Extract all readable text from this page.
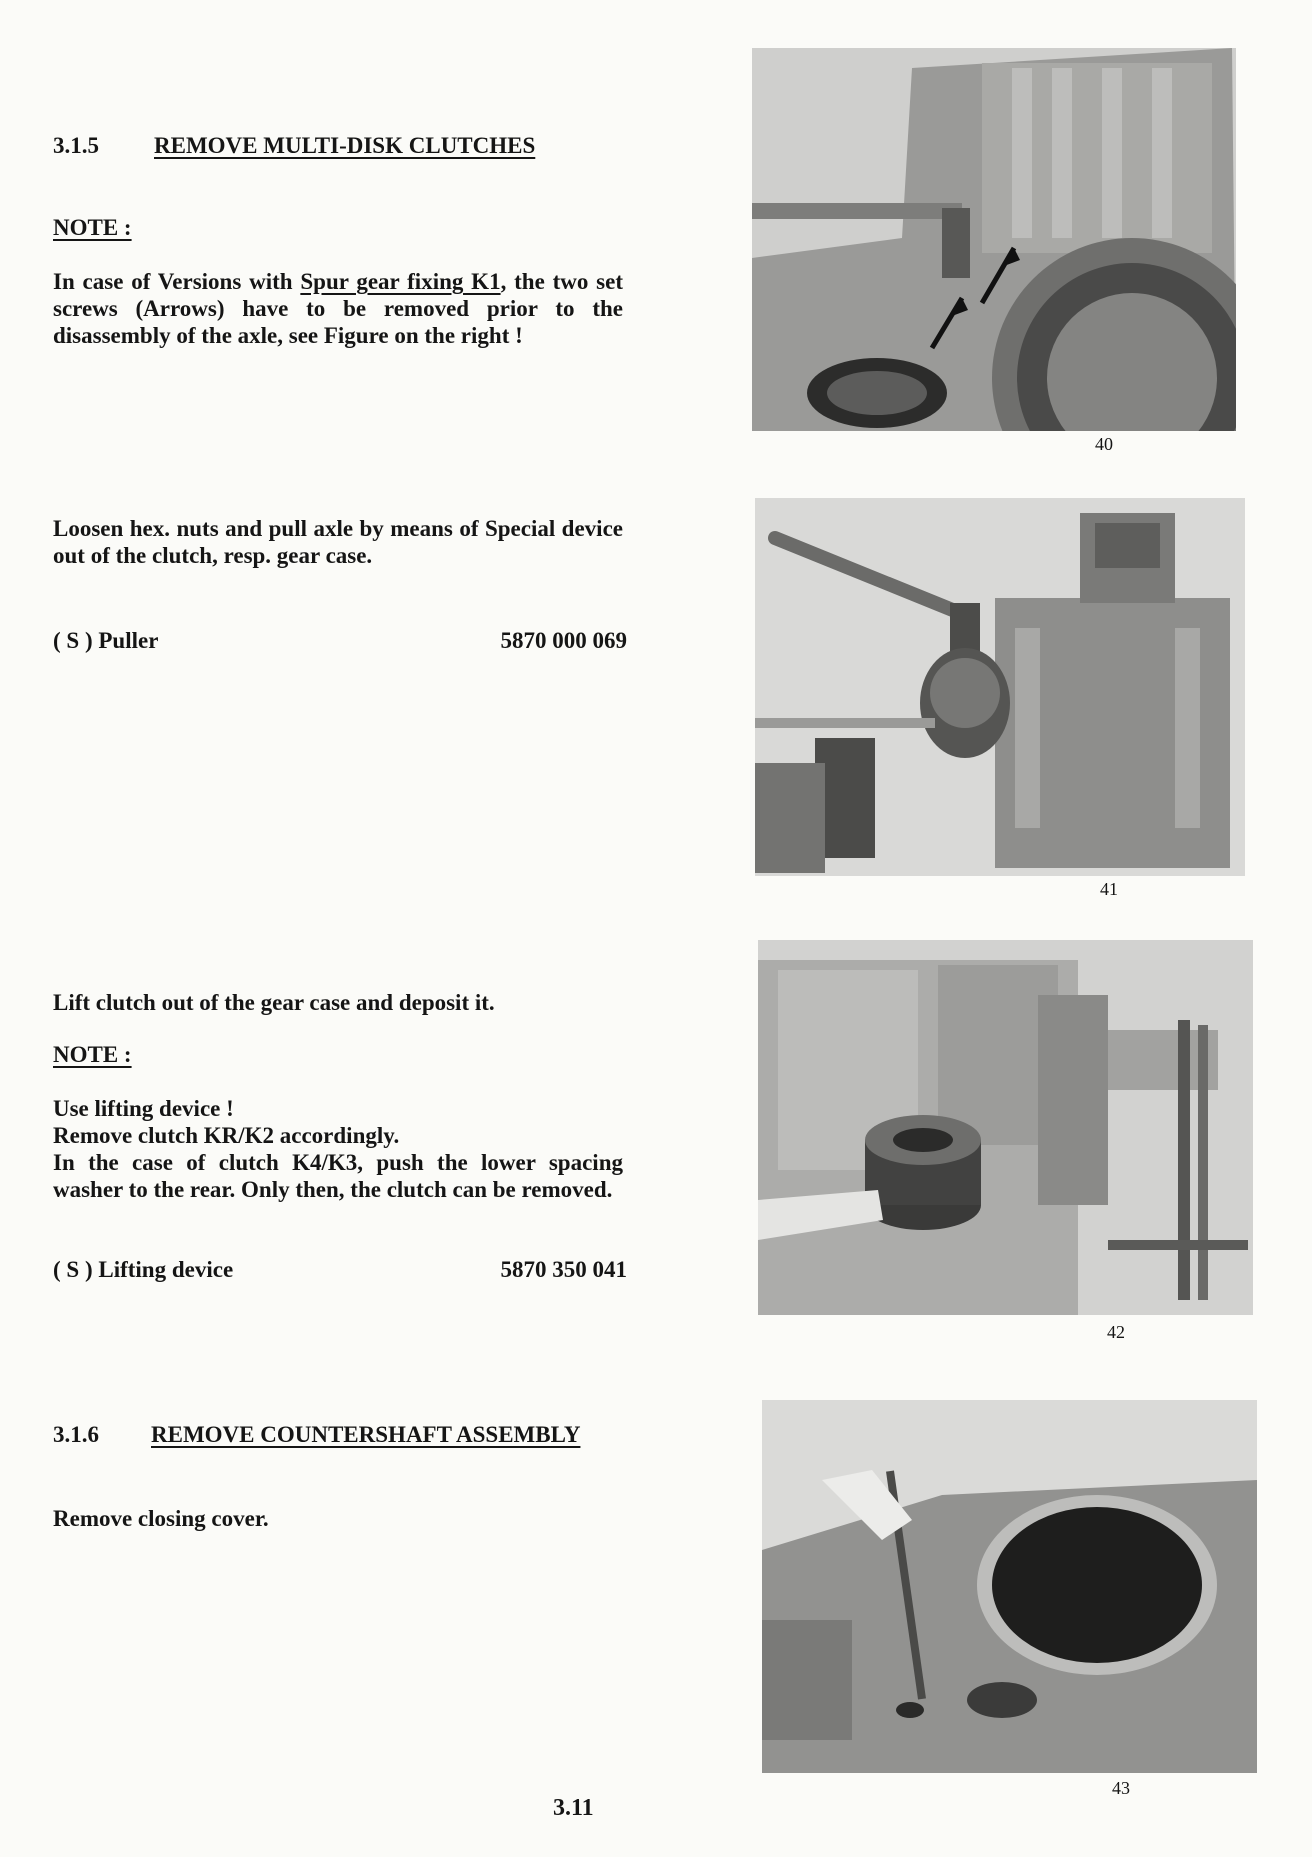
3.1.5 REMOVE MULTI-DISK CLUTCHES
NOTE :

In case of Versions with Spur gear fixing K1, the two set screws (Arrows) have to be removed prior to the disassembly of the axle, see Figure on the right !

Loosen hex. nuts and pull axle by means of Special device out of the clutch, resp. gear case.

( S ) Puller	5870 000 069

Lift clutch out of the gear case and deposit it.

NOTE :
Use lifting device !
Remove clutch KR/K2 accordingly.

In the case of clutch K4/K3, push the lower spacing washer to the rear. Only then, the clutch can be removed.

( S ) Lifting device	5870 350 041
3.1.6 REMOVE COUNTERSHAFT ASSEMBLY

Remove closing cover.

40
41
42
43
3.11
